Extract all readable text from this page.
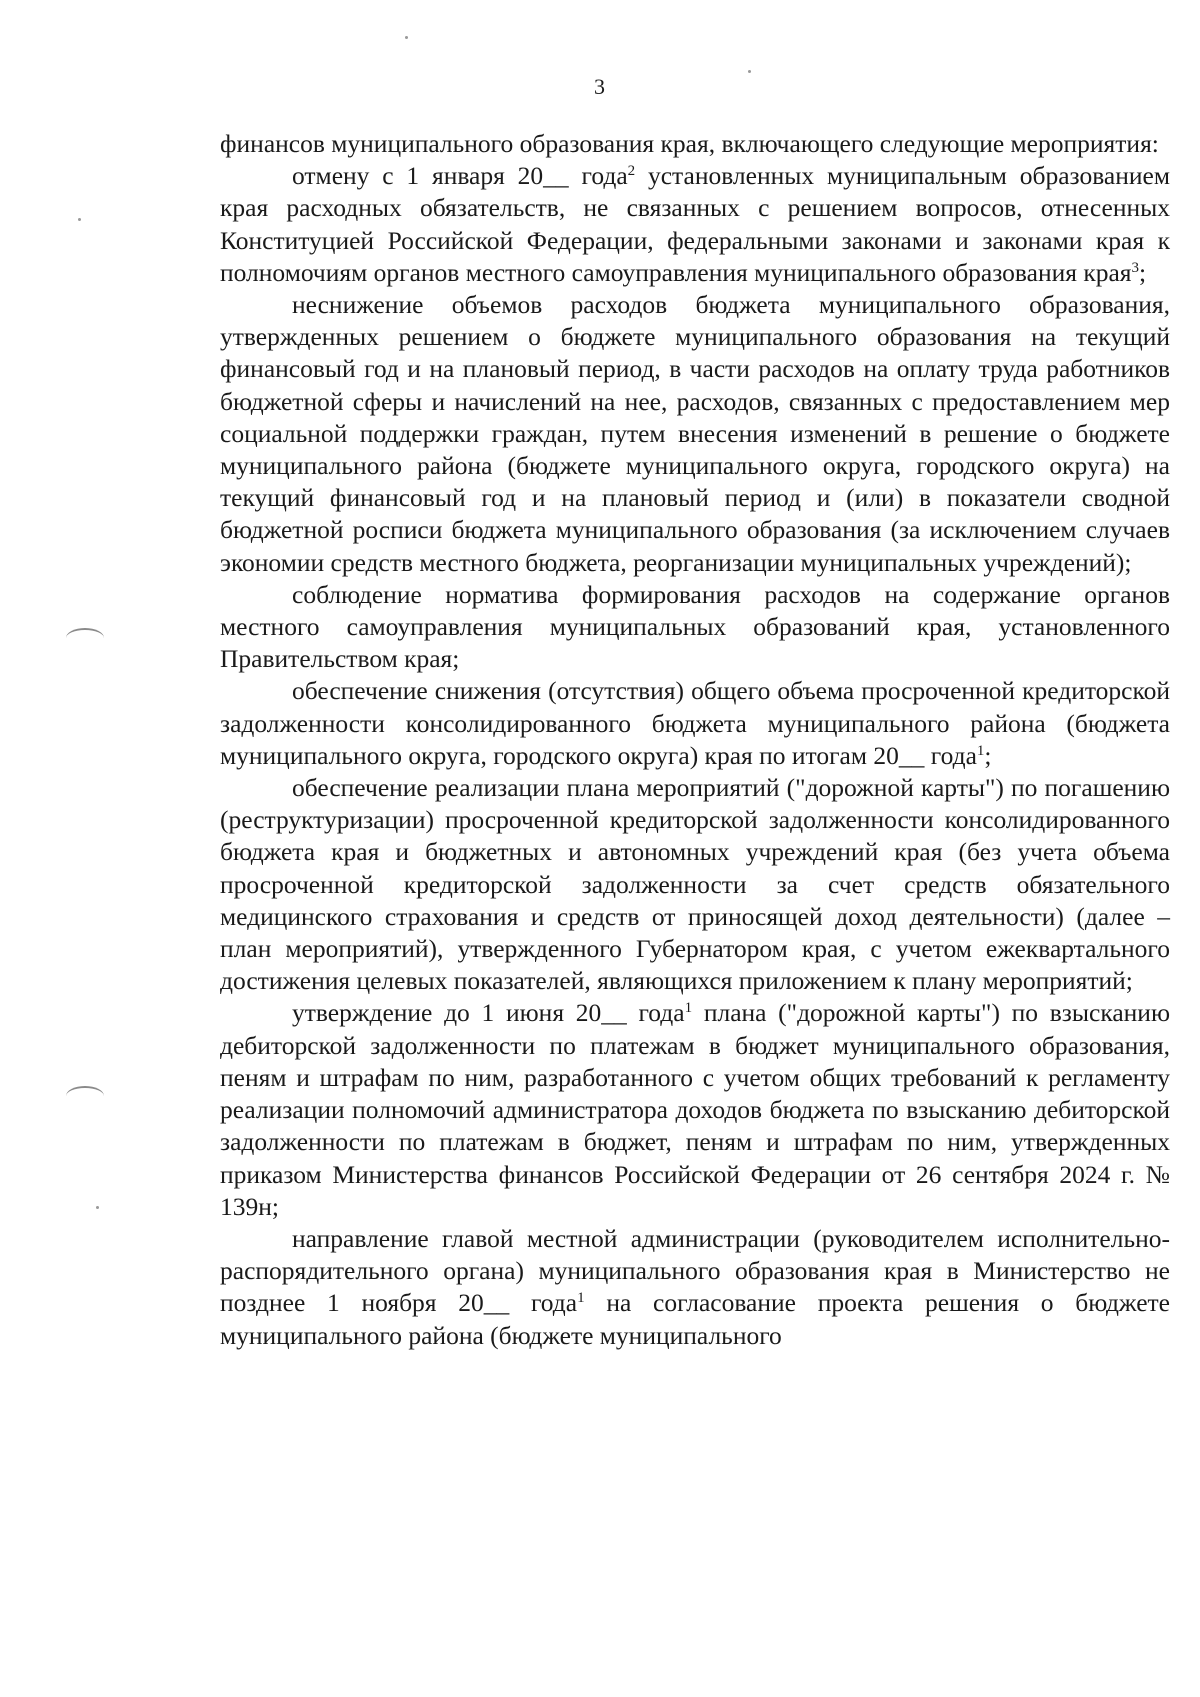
3

финансов муниципального образования края, включающего следующие мероприятия:

отмену с 1 января 20__ года$^2$ установленных муниципальным образованием края расходных обязательств, не связанных с решением вопросов, отнесенных Конституцией Российской Федерации, федеральными законами и законами края к полномочиям органов местного самоуправления муниципального образования края$^3$;

неснижение объемов расходов бюджета муниципального образования, утвержденных решением о бюджете муниципального образования на текущий финансовый год и на плановый период, в части расходов на оплату труда работников бюджетной сферы и начислений на нее, расходов, связанных с предоставлением мер социальной поддержки граждан, путем внесения изменений в решение о бюджете муниципального района (бюджете муниципального округа, городского округа) на текущий финансовый год и на плановый период и (или) в показатели сводной бюджетной росписи бюджета муниципального образования (за исключением случаев экономии средств местного бюджета, реорганизации муниципальных учреждений);

соблюдение норматива формирования расходов на содержание органов местного самоуправления муниципальных образований края, установленного Правительством края;

обеспечение снижения (отсутствия) общего объема просроченной кредиторской задолженности консолидированного бюджета муниципального района (бюджета муниципального округа, городского округа) края по итогам 20__ года$^1$;

обеспечение реализации плана мероприятий ("дорожной карты") по погашению (реструктуризации) просроченной кредиторской задолженности консолидированного бюджета края и бюджетных и автономных учреждений края (без учета объема просроченной кредиторской задолженности за счет средств обязательного медицинского страхования и средств от приносящей доход деятельности) (далее – план мероприятий), утвержденного Губернатором края, с учетом ежеквартального достижения целевых показателей, являющихся приложением к плану мероприятий;

утверждение до 1 июня 20__ года$^1$ плана ("дорожной карты") по взысканию дебиторской задолженности по платежам в бюджет муниципального образования, пеням и штрафам по ним, разработанного с учетом общих требований к регламенту реализации полномочий администратора доходов бюджета по взысканию дебиторской задолженности по платежам в бюджет, пеням и штрафам по ним, утвержденных приказом Министерства финансов Российской Федерации от 26 сентября 2024 г. № 139н;

направление главой местной администрации (руководителем исполнительно-распорядительного органа) муниципального образования края в Министерство не позднее 1 ноября 20__ года$^1$ на согласование проекта решения о бюджете муниципального района (бюджете муниципального
